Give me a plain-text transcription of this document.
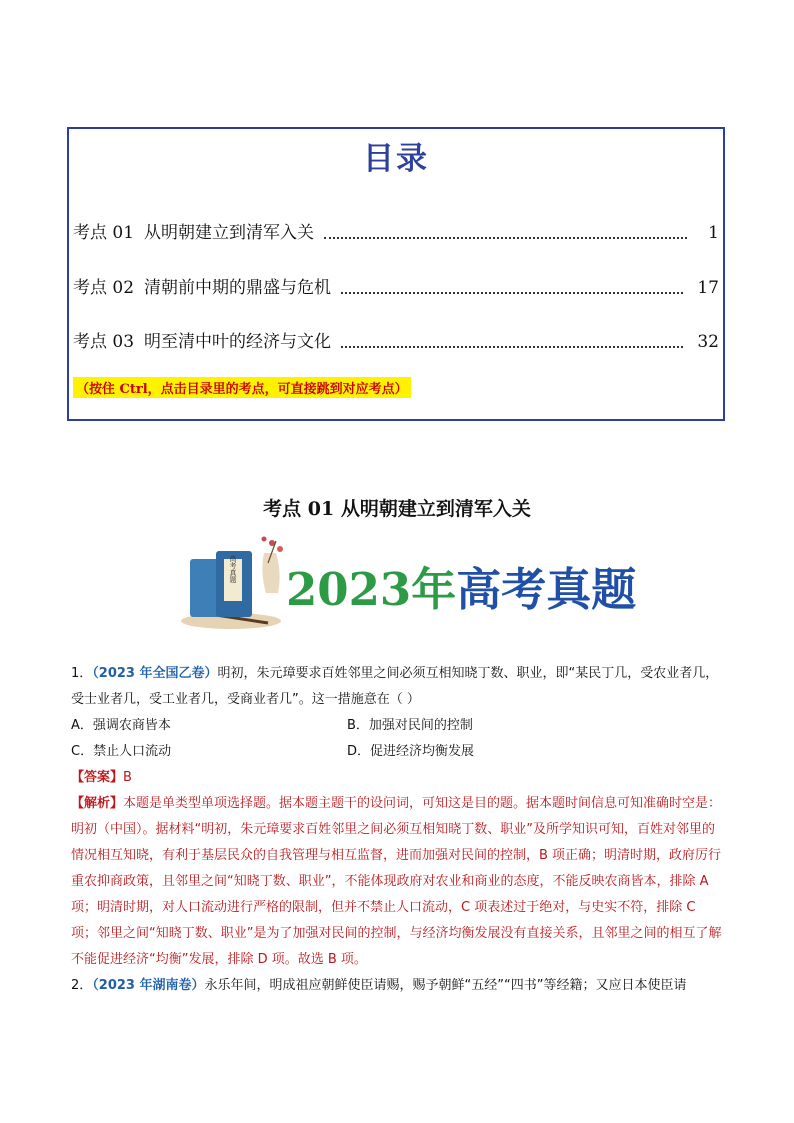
目录
考点 01 从明朝建立到清军入关	1
考点 02 清朝前中期的鼎盛与危机	17
考点 03 明至清中叶的经济与文化	32
（按住 Ctrl，点击目录里的考点，可直接跳到对应考点）
考点 01 从明朝建立到清军入关
高考真题 2023年高考真题

1．（2023 年全国乙卷）明初，朱元璋要求百姓邻里之间必须互相知晓丁数、职业，即“某民丁几，受农业者几，受士业者几，受工业者几，受商业者几”。这一措施意在（ ）

A．强调农商皆本	B．加强对民间的控制
C．禁止人口流动	D．促进经济均衡发展

【答案】B

【解析】本题是单类型单项选择题。据本题主题干的设问词，可知这是目的题。据本题时间信息可知准确时空是：明初（中国）。据材料“明初，朱元璋要求百姓邻里之间必须互相知晓丁数、职业”及所学知识可知，百姓对邻里的情况相互知晓，有利于基层民众的自我管理与相互监督，进而加强对民间的控制，B 项正确；明清时期，政府厉行重农抑商政策，且邻里之间“知晓丁数、职业”，不能体现政府对农业和商业的态度，不能反映农商皆本，排除 A 项；明清时期，对人口流动进行严格的限制，但并不禁止人口流动，C 项表述过于绝对，与史实不符，排除 C 项；邻里之间“知晓丁数、职业”是为了加强对民间的控制，与经济均衡发展没有直接关系，且邻里之间的相互了解不能促进经济“均衡”发展，排除 D 项。故选 B 项。

2．（2023 年湖南卷）永乐年间，明成祖应朝鲜使臣请赐，赐予朝鲜“五经”“四书”等经籍；又应日本使臣请
